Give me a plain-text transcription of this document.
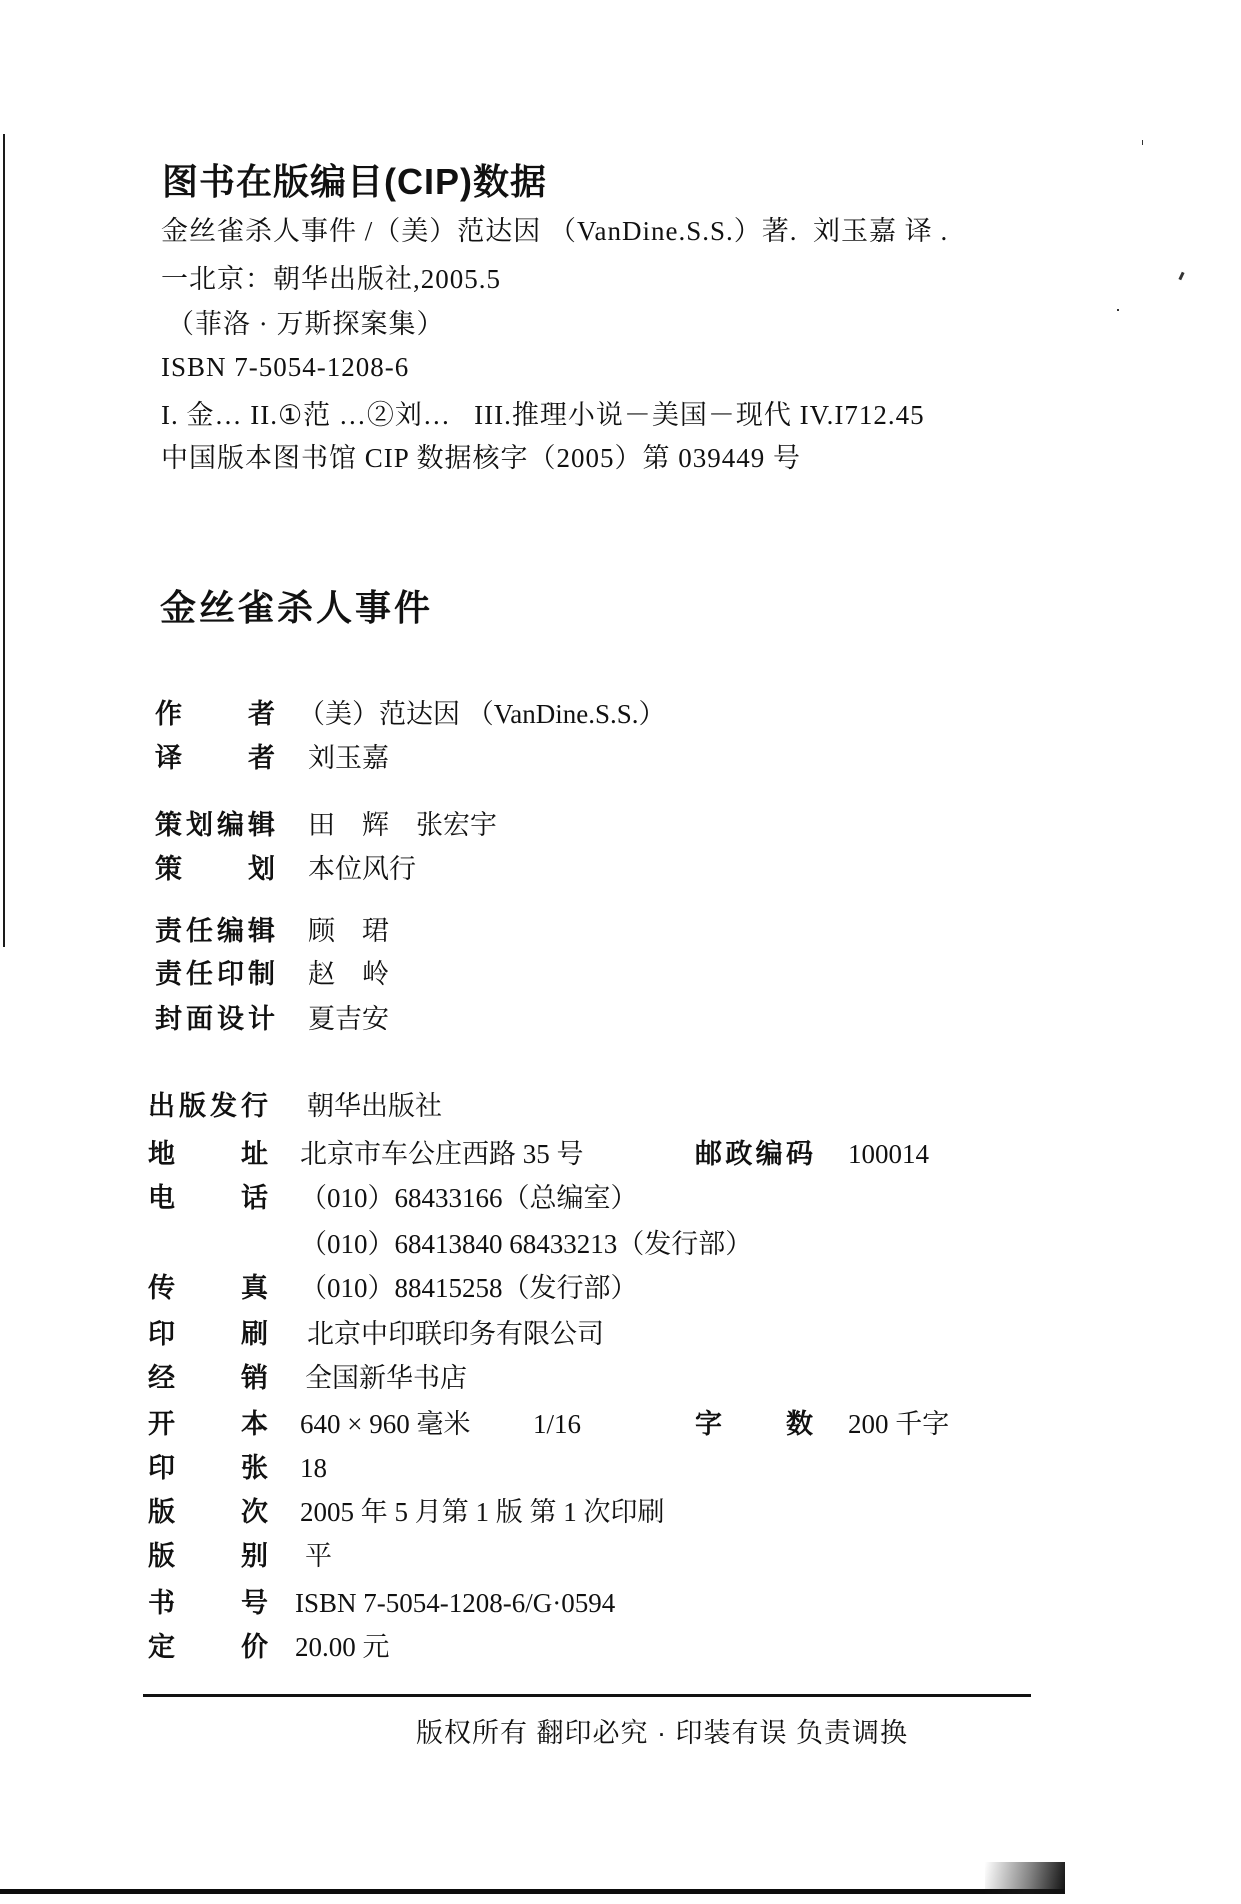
图书在版编目(CIP)数据
金丝雀杀人事件 /（美）范达因 （VanDine.S.S.）著.  刘玉嘉 译 .
一北京：朝华出版社,2005.5
（菲洛 · 万斯探案集）
ISBN 7-5054-1208-6
I. 金… II.①范 …②刘…   III.推理小说－美国－现代 IV.I712.45
中国版本图书馆 CIP 数据核字（2005）第 039449 号
金丝雀杀人事件
作者 （美）范达因 （VanDine.S.S.）
译者 刘玉嘉
策划编辑 田　辉　张宏宇
策划 本位风行
责任编辑 顾　珺
责任印制 赵　岭
封面设计 夏吉安
出版发行 朝华出版社
地址 北京市车公庄西路 35 号	邮政编码 100014
电话 （010）68433166（总编室）
（010）68413840 68433213（发行部）
传真 （010）88415258（发行部）
印刷 北京中印联印务有限公司
经销 全国新华书店
开本 640 × 960 毫米 1/16	字数 200 千字
印张 18
版次 2005 年 5 月第 1 版 第 1 次印刷
版别 平
书号 ISBN 7-5054-1208-6/G·0594
定价 20.00 元
版权所有 翻印必究 · 印装有误 负责调换
